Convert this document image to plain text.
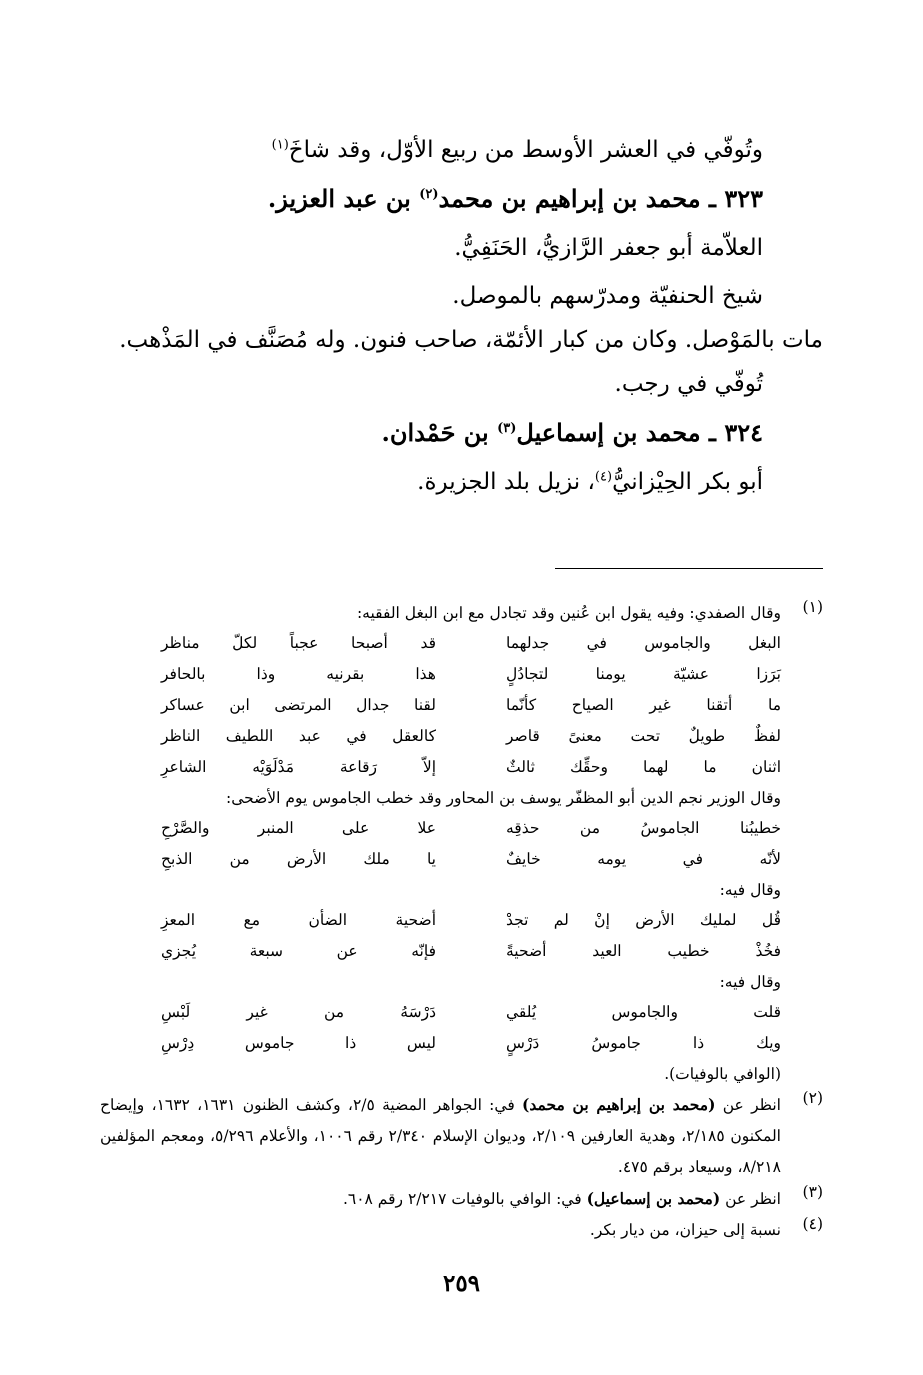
وتُوفّي في العشر الأوسط من ربيع الأوّل، وقد شاخَ$^{(١)}$

٣٢٣ ـ محمد بن إبراهيم بن محمد$^{(٢)}$ بن عبد العزيز.

العلاّمة أبو جعفر الرَّازيُّ، الحَنَفِيُّ.

شيخ الحنفيّة ومدرّسهم بالموصل.

مات بالمَوْصل. وكان من كبار الأئمّة، صاحب فنون. وله مُصَنَّف في المَذْهب.

تُوفّي في رجب.

٣٢٤ ـ محمد بن إسماعيل$^{(٣)}$ بن حَمْدان.

أبو بكر الحِيْزانيُّ$^{(٤)}$، نزيل بلد الجزيرة.

(١)

وقال الصفدي: وفيه يقول ابن عُنين وقد تجادل مع ابن البغل الفقيه:

البغل والجاموس في جدلهما
قد أصبحا عجباً لكلّ مناظر
بَرَزا عشيّة يومنا لتجادُلٍ
هذا بقرنيه وذا بالحافر
ما أتقنا غير الصياح كأنّما
لقنا جدال المرتضى ابن عساكر
لفظٌ طويلٌ تحت معنىً قاصر
كالعقل في عبد اللطيف الناظر
اثنان ما لهما وحقِّك ثالثٌ
إلاّ رَقاعة مَدْلَوَيْه الشاعرِ

وقال الوزير نجم الدين أبو المظفّر يوسف بن المحاور وقد خطب الجاموس يوم الأضحى:

خطيبُنا الجاموسُ من حذقِه
علا على المنبر والصَّرْحِ
لأنّه في يومه خايفٌ
يا ملك الأرض من الذبحِ

وقال فيه:

قُل لمليك الأرض إنْ لم تجدْ
أضحية الضأن مع المعزِ
فخُذْ خطيب العيد أضحيةً
فإنّه عن سبعة يُجزي

وقال فيه:

قلت والجاموس يُلقي
دَرْسَهُ من غير لَبْسِ
ويك ذا جاموسُ دَرْسٍ
ليس ذا جاموس دِرْسِ

(الوافي بالوفيات).

(٢)

انظر عن (محمد بن إبراهيم بن محمد) في: الجواهر المضية ٢/٥، وكشف الظنون ١٦٣١، ١٦٣٢، وإيضاح المكنون ٢/١٨٥، وهدية العارفين ٢/١٠٩، وديوان الإسلام ٢/٣٤٠ رقم ١٠٠٦، والأعلام ٥/٢٩٦، ومعجم المؤلفين ٨/٢١٨، وسيعاد برقم ٤٧٥.

(٣)

انظر عن (محمد بن إسماعيل) في: الوافي بالوفيات ٢/٢١٧ رقم ٦٠٨.

(٤)

نسبة إلى حيزان، من ديار بكر.

٢٥٩
